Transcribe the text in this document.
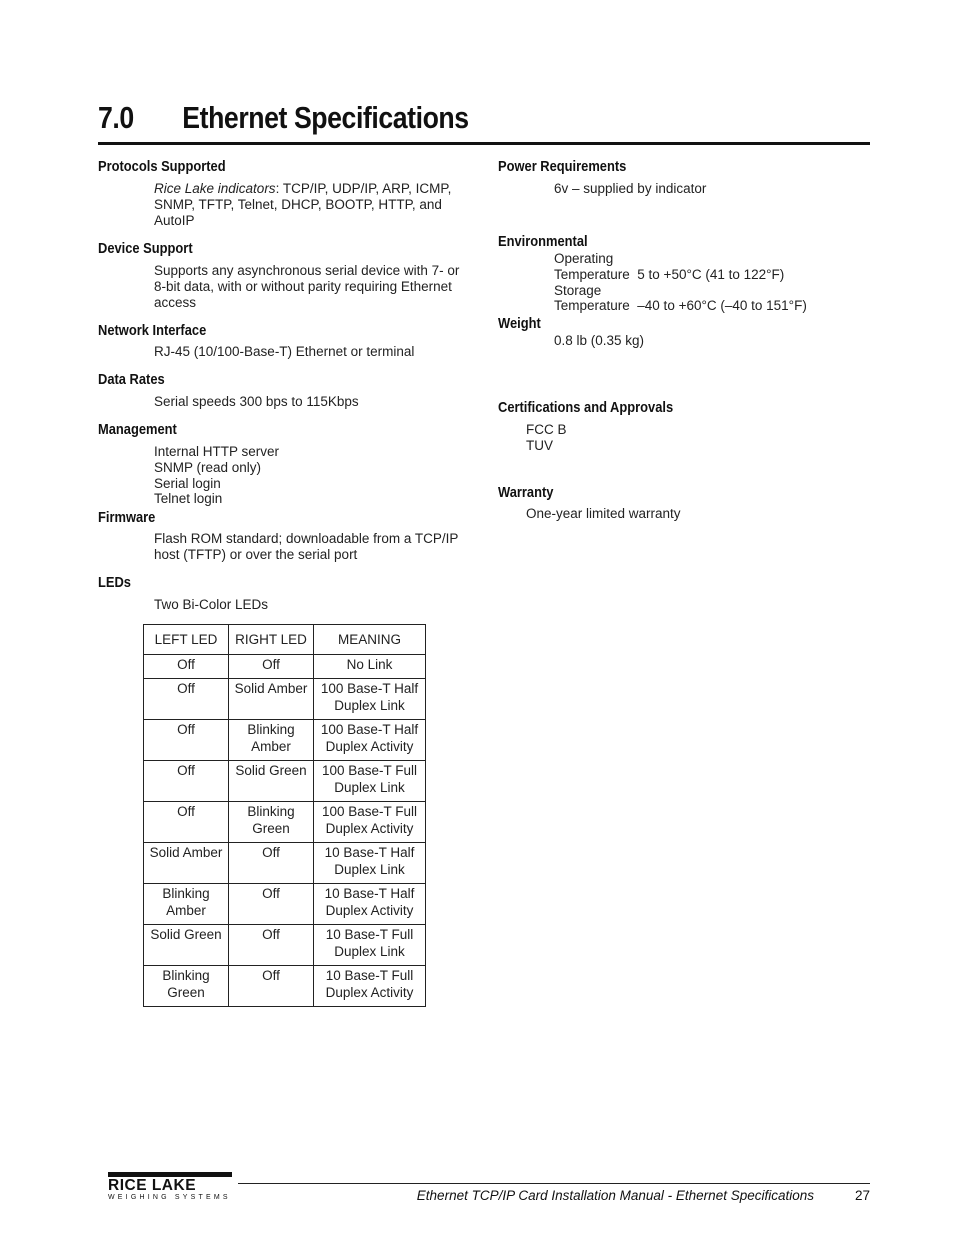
7.0 Ethernet Specifications
Protocols Supported
Rice Lake indicators: TCP/IP, UDP/IP, ARP, ICMP, SNMP, TFTP, Telnet, DHCP, BOOTP, HTTP, and AutoIP
Device Support
Supports any asynchronous serial device with 7- or 8-bit data, with or without parity requiring Ethernet access
Network Interface
RJ-45 (10/100-Base-T) Ethernet or terminal
Data Rates
Serial speeds 300 bps to 115Kbps
Management

Internal HTTP server

SNMP (read only)

Serial login

Telnet login

Firmware
Flash ROM standard; downloadable from a TCP/IP host (TFTP) or over the serial port
LEDs
Two Bi-Color LEDs
LEFT LED	RIGHT LED	MEANING
Off	Off	No Link
Off	Solid Amber	100 Base-T Half Duplex Link
Off	Blinking Amber	100 Base-T Half Duplex Activity
Off	Solid Green	100 Base-T Full Duplex Link
Off	Blinking Green	100 Base-T Full Duplex Activity
Solid Amber	Off	10 Base-T Half Duplex Link
Blinking Amber	Off	10 Base-T Half Duplex Activity
Solid Green	Off	10 Base-T Full Duplex Link
Blinking Green	Off	10 Base-T Full Duplex Activity
Power Requirements
6v – supplied by indicator
Environmental

Operating

Temperature  5 to +50°C (41 to 122°F)

Storage

Temperature  –40 to +60°C (–40 to 151°F)

Weight
0.8 lb (0.35 kg)
Certifications and Approvals

FCC B

TUV

Warranty
One-year limited warranty
RICE LAKE
WEIGHING SYSTEMS	Ethernet TCP/IP Card Installation Manual - Ethernet Specifications	27
